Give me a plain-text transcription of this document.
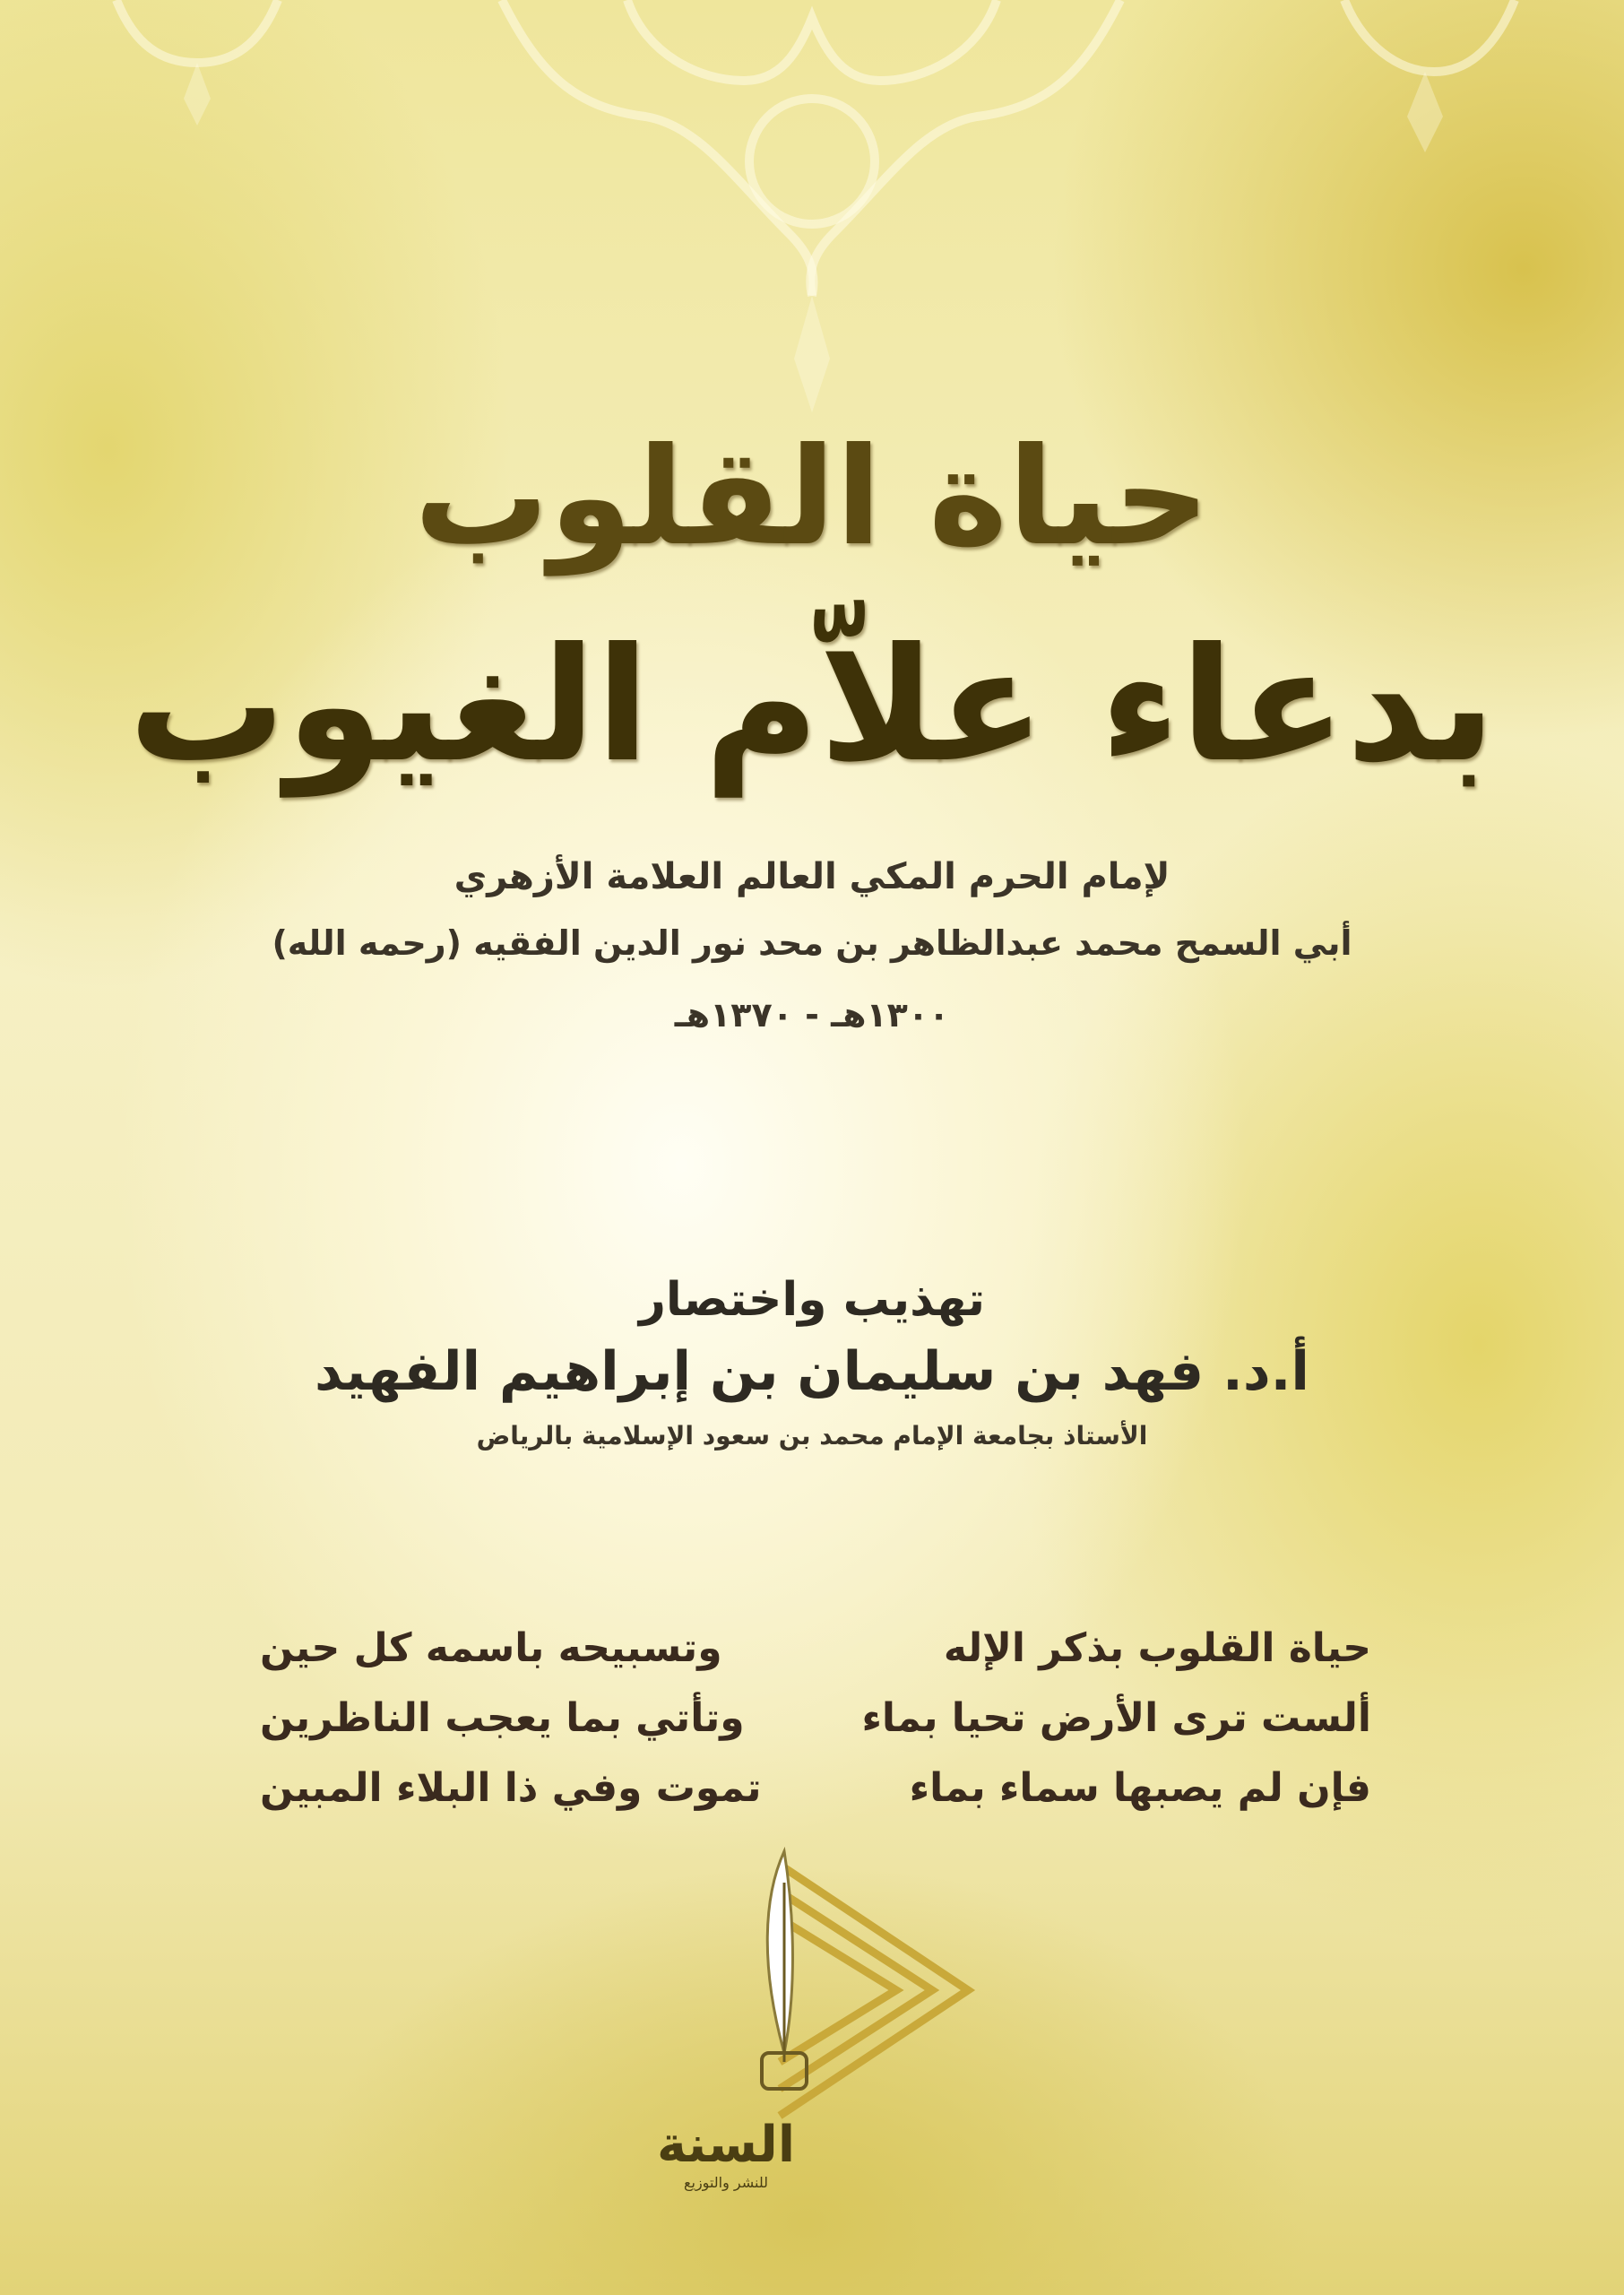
حياة القلوب
بدعاء علاّم الغيوب
لإمام الحرم المكي العالم العلامة الأزهري
أبي السمح محمد عبدالظاهر بن محد نور الدين الفقيه (رحمه الله)
١٣٠٠هـ - ١٣٧٠هـ
تهذيب واختصار
أ.د. فهد بن سليمان بن إبراهيم الفهيد
الأستاذ بجامعة الإمام محمد بن سعود الإسلامية بالرياض
حياة القلوب بذكر الإله
وتسبيحه باسمه كل حين
ألست ترى الأرض تحيا بماء
وتأتي بما يعجب الناظرين
فإن لم يصبها سماء بماء
تموت وفي ذا البلاء المبين
السنة
للنشر والتوزيع
